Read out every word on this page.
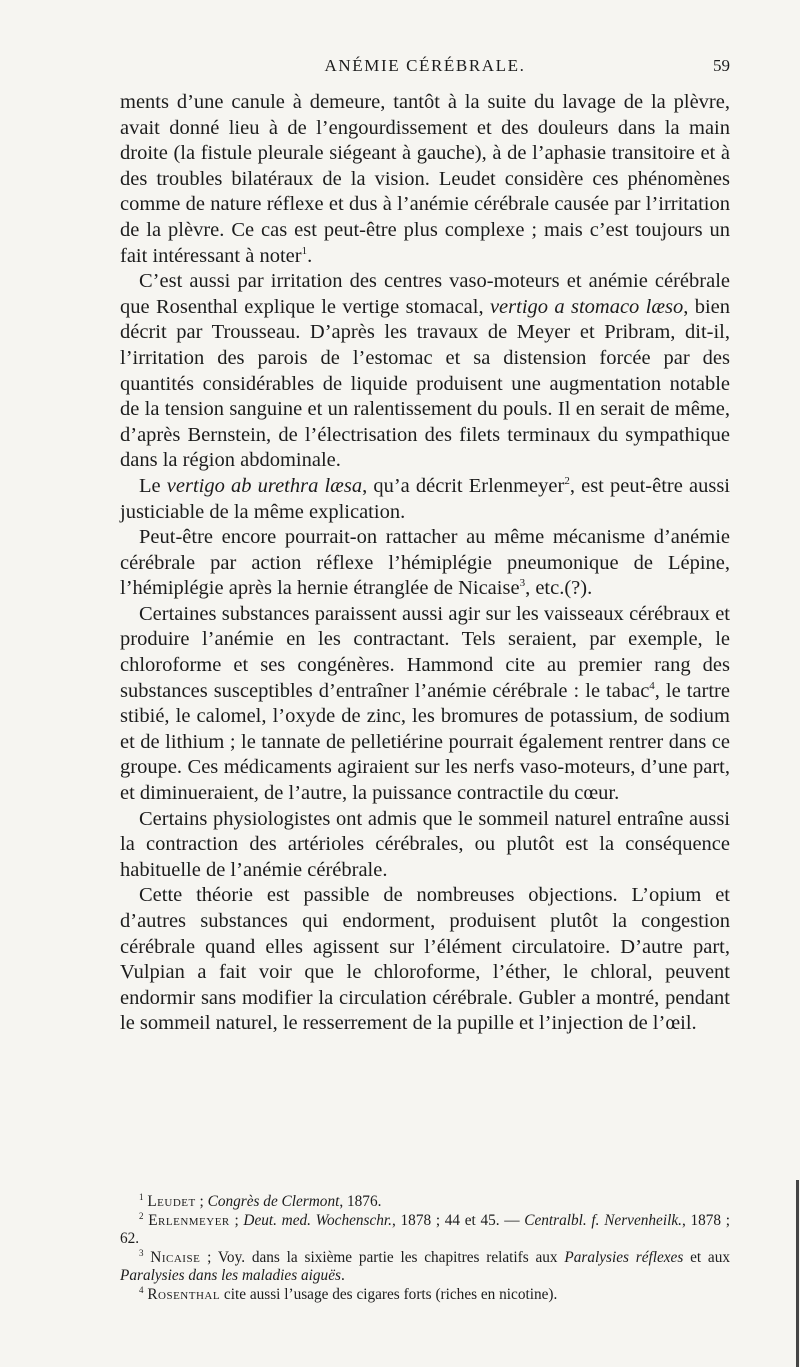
ANÉMIE CÉRÉBRALE.	59

ments d’une canule à demeure, tantôt à la suite du lavage de la plèvre, avait donné lieu à de l’engourdissement et des douleurs dans la main droite (la fistule pleurale siégeant à gauche), à de l’aphasie transitoire et à des troubles bilatéraux de la vision. Leudet considère ces phénomènes comme de nature réflexe et dus à l’anémie cérébrale causée par l’irritation de la plèvre. Ce cas est peut-être plus complexe ; mais c’est toujours un fait intéressant à noter$^1$.

C’est aussi par irritation des centres vaso-moteurs et anémie cérébrale que Rosenthal explique le vertige stomacal, vertigo a stomaco læso, bien décrit par Trousseau. D’après les travaux de Meyer et Pribram, dit-il, l’irritation des parois de l’estomac et sa distension forcée par des quantités considérables de liquide produisent une augmentation notable de la tension sanguine et un ralentissement du pouls. Il en serait de même, d’après Bernstein, de l’électrisation des filets terminaux du sympathique dans la région abdominale.

Le vertigo ab urethra læsa, qu’a décrit Erlenmeyer$^2$, est peut-être aussi justiciable de la même explication.

Peut-être encore pourrait-on rattacher au même mécanisme d’anémie cérébrale par action réflexe l’hémiplégie pneumonique de Lépine, l’hémiplégie après la hernie étranglée de Nicaise$^3$, etc.(?).

Certaines substances paraissent aussi agir sur les vaisseaux cérébraux et produire l’anémie en les contractant. Tels seraient, par exemple, le chloroforme et ses congénères. Hammond cite au premier rang des substances susceptibles d’entraîner l’anémie cérébrale : le tabac$^4$, le tartre stibié, le calomel, l’oxyde de zinc, les bromures de potassium, de sodium et de lithium ; le tannate de pelletiérine pourrait également rentrer dans ce groupe. Ces médicaments agiraient sur les nerfs vaso-moteurs, d’une part, et diminueraient, de l’autre, la puissance contractile du cœur.

Certains physiologistes ont admis que le sommeil naturel entraîne aussi la contraction des artérioles cérébrales, ou plutôt est la conséquence habituelle de l’anémie cérébrale.

Cette théorie est passible de nombreuses objections. L’opium et d’autres substances qui endorment, produisent plutôt la congestion cérébrale quand elles agissent sur l’élément circulatoire. D’autre part, Vulpian a fait voir que le chloroforme, l’éther, le chloral, peuvent endormir sans modifier la circulation cérébrale. Gubler a montré, pendant le sommeil naturel, le resserrement de la pupille et l’injection de l’œil.

$^1$ Leudet ; Congrès de Clermont, 1876.

$^2$ Erlenmeyer ; Deut. med. Wochenschr., 1878 ; 44 et 45. — Centralbl. f. Nervenheilk., 1878 ; 62.

$^3$ Nicaise ; Voy. dans la sixième partie les chapitres relatifs aux Paralysies réflexes et aux Paralysies dans les maladies aiguës.

$^4$ Rosenthal cite aussi l’usage des cigares forts (riches en nicotine).
